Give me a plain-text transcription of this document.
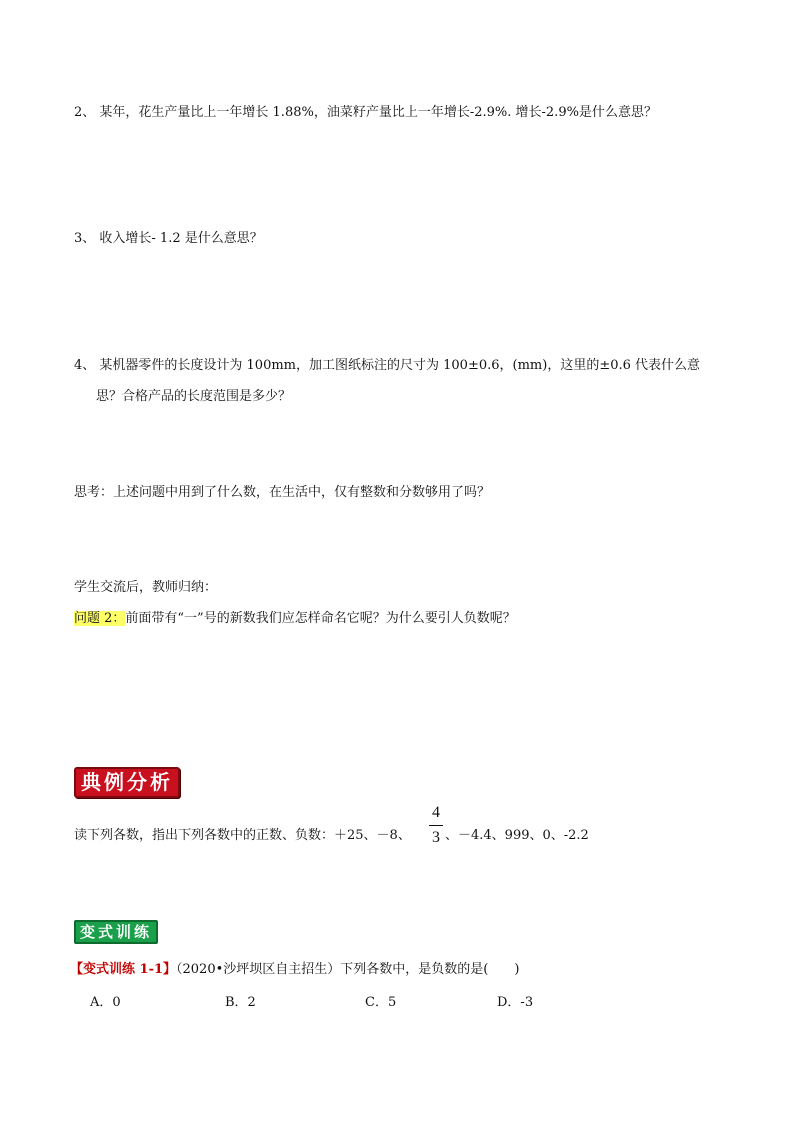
2、 某年，花生产量比上一年增长 1.88%，油菜籽产量比上一年增长-2.9%. 增长-2.9%是什么意思？
3、 收入增长- 1.2 是什么意思？
4、 某机器零件的长度设计为 100mm，加工图纸标注的尺寸为 100±0.6，(mm)，这里的±0.6 代表什么意
思？合格产品的长度范围是多少？
思考：上述问题中用到了什么数，在生活中，仅有整数和分数够用了吗？
学生交流后，教师归纳：
问题 2：前面带有“一”号的新数我们应怎样命名它呢？为什么要引人负数呢？
典例分析
读下列各数，指出下列各数中的正数、负数：＋25、－8、
4
3 、－4.4、999、0、-2.2
变式训练
【变式训练 1-1】（2020•沙坪坝区自主招生）下列各数中，是负数的是(　　)
A．0	B．2	C．5	D．-3
